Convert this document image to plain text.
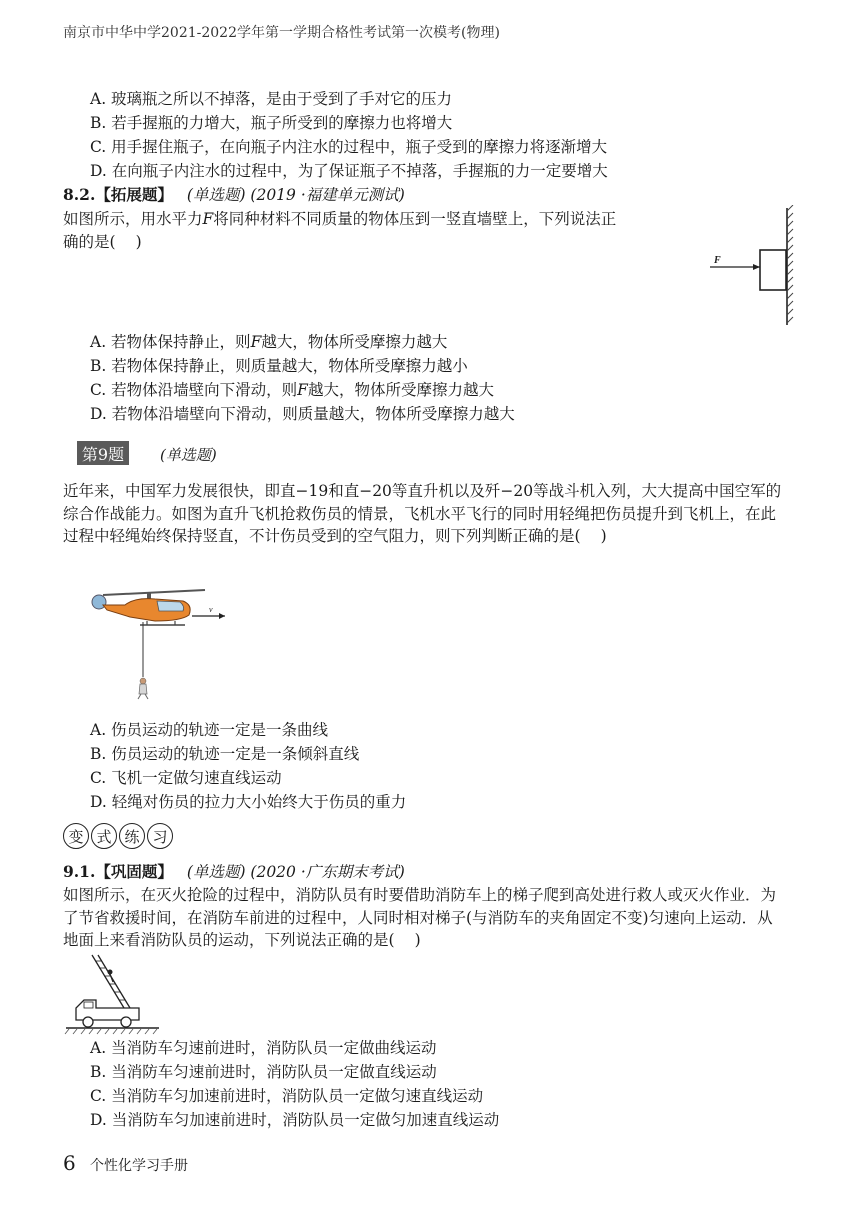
南京市中华中学2021-2022学年第一学期合格性考试第一次模考(物理)
A. 玻璃瓶之所以不掉落，是由于受到了手对它的压力
B. 若手握瓶的力增大，瓶子所受到的摩擦力也将增大
C. 用手握住瓶子，在向瓶子内注水的过程中，瓶子受到的摩擦力将逐渐增大
D. 在向瓶子内注水的过程中，为了保证瓶子不掉落，手握瓶的力一定要增大
8.2.【拓展题】 (单选题) (2019 ·福建单元测试)
如图所示，用水平力F将同种材料不同质量的物体压到一竖直墙壁上，下列说法正
确的是( )
F
A. 若物体保持静止，则F越大，物体所受摩擦力越大
B. 若物体保持静止，则质量越大，物体所受摩擦力越小
C. 若物体沿墙壁向下滑动，则F越大，物体所受摩擦力越大
D. 若物体沿墙壁向下滑动，则质量越大，物体所受摩擦力越大
第9题	(单选题)
近年来，中国军力发展很快，即直−19和直−20等直升机以及歼−20等战斗机入列，大大提高中国空军的综合作战能力。如图为直升飞机抢救伤员的情景，飞机水平飞行的同时用轻绳把伤员提升到飞机上，在此过程中轻绳始终保持竖直，不计伤员受到的空气阻力，则下列判断正确的是( )
v
A. 伤员运动的轨迹一定是一条曲线
B. 伤员运动的轨迹一定是一条倾斜直线
C. 飞机一定做匀速直线运动
D. 轻绳对伤员的拉力大小始终大于伤员的重力
变 式 练 习
9.1.【巩固题】 (单选题) (2020 ·广东期末考试)
如图所示，在灭火抢险的过程中，消防队员有时要借助消防车上的梯子爬到高处进行救人或灭火作业．为了节省救援时间，在消防车前进的过程中，人同时相对梯子(与消防车的夹角固定不变)匀速向上运动．从地面上来看消防队员的运动，下列说法正确的是( )
A. 当消防车匀速前进时，消防队员一定做曲线运动
B. 当消防车匀速前进时，消防队员一定做直线运动
C. 当消防车匀加速前进时，消防队员一定做匀速直线运动
D. 当消防车匀加速前进时，消防队员一定做匀加速直线运动
6 个性化学习手册
